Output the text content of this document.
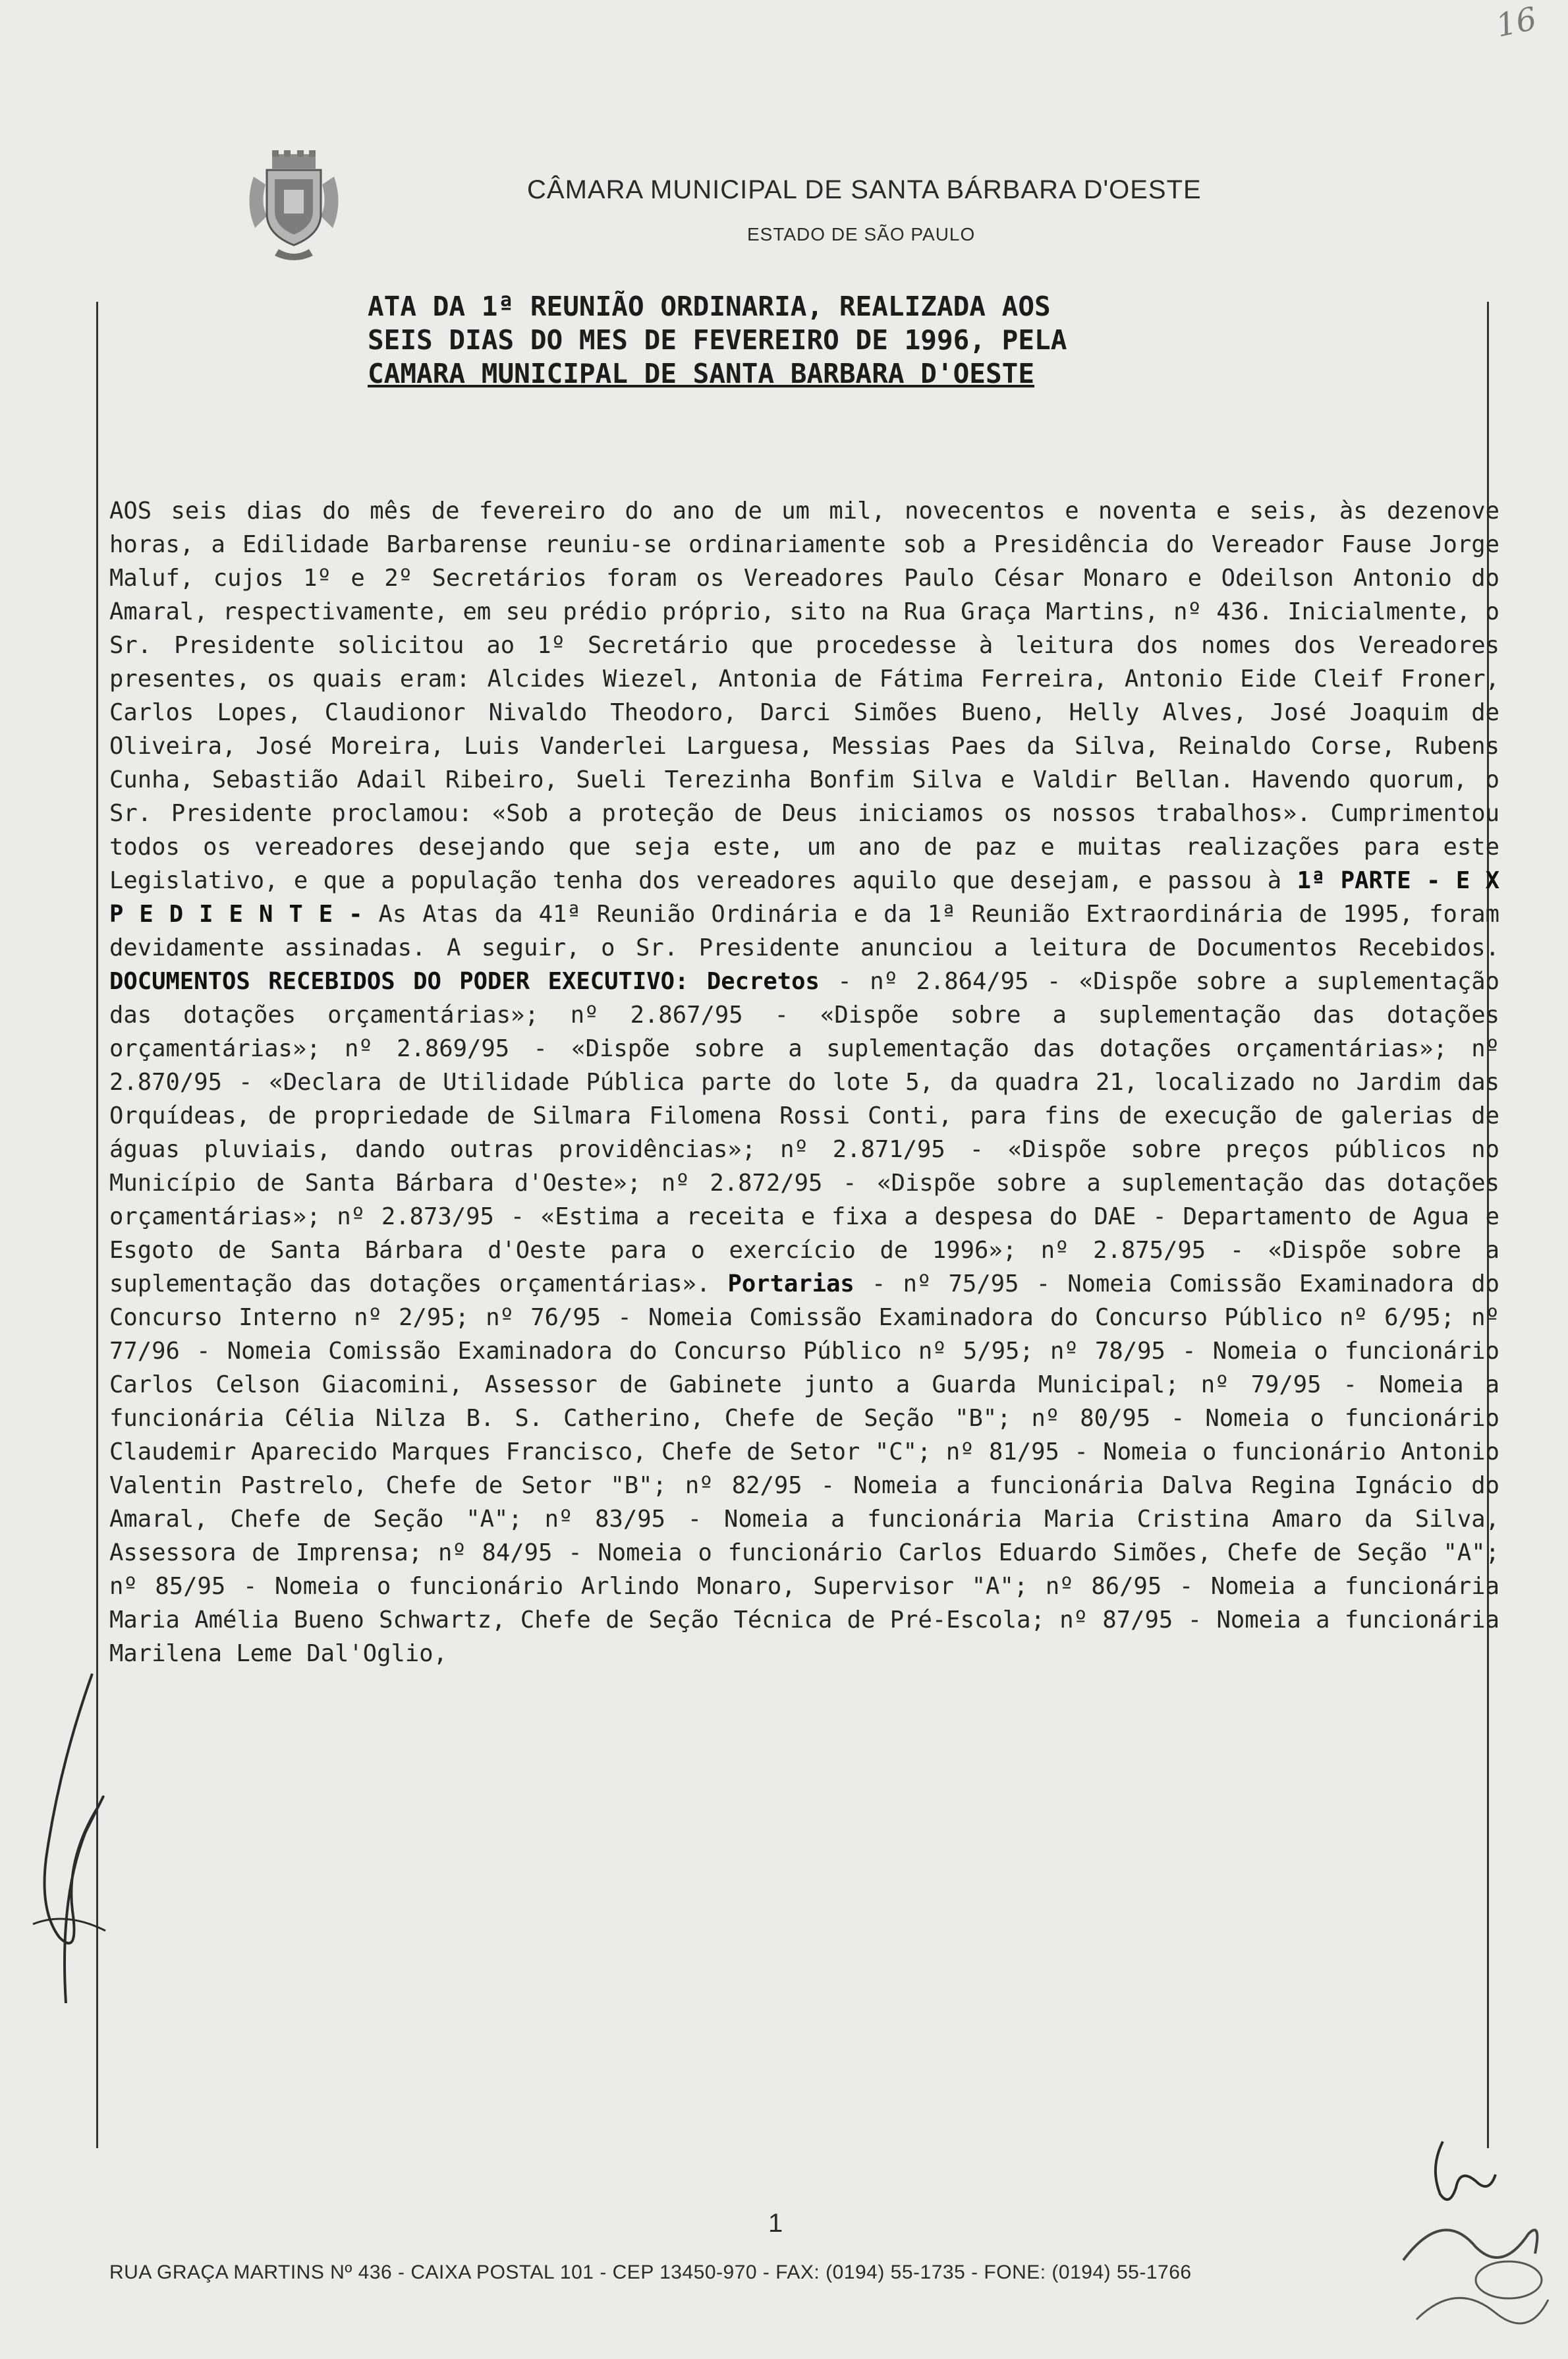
16
CÂMARA MUNICIPAL DE SANTA BÁRBARA D'OESTE
ESTADO DE SÃO PAULO
ATA DA 1ª REUNIÃO ORDINARIA, REALIZADA AOS
SEIS DIAS DO MES DE FEVEREIRO DE 1996, PELA
CAMARA MUNICIPAL DE SANTA BARBARA D'OESTE
AOS seis dias do mês de fevereiro do ano de um mil, novecentos e noventa e seis, às dezenove horas, a Edilidade Barbarense reuniu-se ordinariamente sob a Presidência do Vereador Fause Jorge Maluf, cujos 1º e 2º Secretários foram os Vereadores Paulo César Monaro e Odeilson Antonio do Amaral, respectivamente, em seu prédio próprio, sito na Rua Graça Martins, nº 436. Inicialmente, o Sr. Presidente solicitou ao 1º Secretário que procedesse à leitura dos nomes dos Vereadores presentes, os quais eram: Alcides Wiezel, Antonia de Fátima Ferreira, Antonio Eide Cleif Froner, Carlos Lopes, Claudionor Nivaldo Theodoro, Darci Simões Bueno, Helly Alves, José Joaquim de Oliveira, José Moreira, Luis Vanderlei Larguesa, Messias Paes da Silva, Reinaldo Corse, Rubens Cunha, Sebastião Adail Ribeiro, Sueli Terezinha Bonfim Silva e Valdir Bellan. Havendo quorum, o Sr. Presidente proclamou: «Sob a proteção de Deus iniciamos os nossos trabalhos». Cumprimentou todos os vereadores desejando que seja este, um ano de paz e muitas realizações para este Legislativo, e que a população tenha dos vereadores aquilo que desejam, e passou à 1ª PARTE - E X P E D I E N T E - As Atas da 41ª Reunião Ordinária e da 1ª Reunião Extraordinária de 1995, foram devidamente assinadas. A seguir, o Sr. Presidente anunciou a leitura de Documentos Recebidos. DOCUMENTOS RECEBIDOS DO PODER EXECUTIVO: Decretos - nº 2.864/95 - «Dispõe sobre a suplementação das dotações orçamentárias»; nº 2.867/95 - «Dispõe sobre a suplementação das dotações orçamentárias»; nº 2.869/95 - «Dispõe sobre a suplementação das dotações orçamentárias»; nº 2.870/95 - «Declara de Utilidade Pública parte do lote 5, da quadra 21, localizado no Jardim das Orquídeas, de propriedade de Silmara Filomena Rossi Conti, para fins de execução de galerias de águas pluviais, dando outras providências»; nº 2.871/95 - «Dispõe sobre preços públicos no Município de Santa Bárbara d'Oeste»; nº 2.872/95 - «Dispõe sobre a suplementação das dotações orçamentárias»; nº 2.873/95 - «Estima a receita e fixa a despesa do DAE - Departamento de Agua e Esgoto de Santa Bárbara d'Oeste para o exercício de 1996»; nº 2.875/95 - «Dispõe sobre a suplementação das dotações orçamentárias». Portarias - nº 75/95 - Nomeia Comissão Examinadora do Concurso Interno nº 2/95; nº 76/95 - Nomeia Comissão Examinadora do Concurso Público nº 6/95; nº 77/96 - Nomeia Comissão Examinadora do Concurso Público nº 5/95; nº 78/95 - Nomeia o funcionário Carlos Celson Giacomini, Assessor de Gabinete junto a Guarda Municipal; nº 79/95 - Nomeia a funcionária Célia Nilza B. S. Catherino, Chefe de Seção "B"; nº 80/95 - Nomeia o funcionário Claudemir Aparecido Marques Francisco, Chefe de Setor "C"; nº 81/95 - Nomeia o funcionário Antonio Valentin Pastrelo, Chefe de Setor "B"; nº 82/95 - Nomeia a funcionária Dalva Regina Ignácio do Amaral, Chefe de Seção "A"; nº 83/95 - Nomeia a funcionária Maria Cristina Amaro da Silva, Assessora de Imprensa; nº 84/95 - Nomeia o funcionário Carlos Eduardo Simões, Chefe de Seção "A"; nº 85/95 - Nomeia o funcionário Arlindo Monaro, Supervisor "A"; nº 86/95 - Nomeia a funcionária Maria Amélia Bueno Schwartz, Chefe de Seção Técnica de Pré-Escola; nº 87/95 - Nomeia a funcionária Marilena Leme Dal'Oglio,
1
RUA GRAÇA MARTINS Nº 436 - CAIXA POSTAL 101 - CEP 13450-970 - FAX: (0194) 55-1735 - FONE: (0194) 55-1766
